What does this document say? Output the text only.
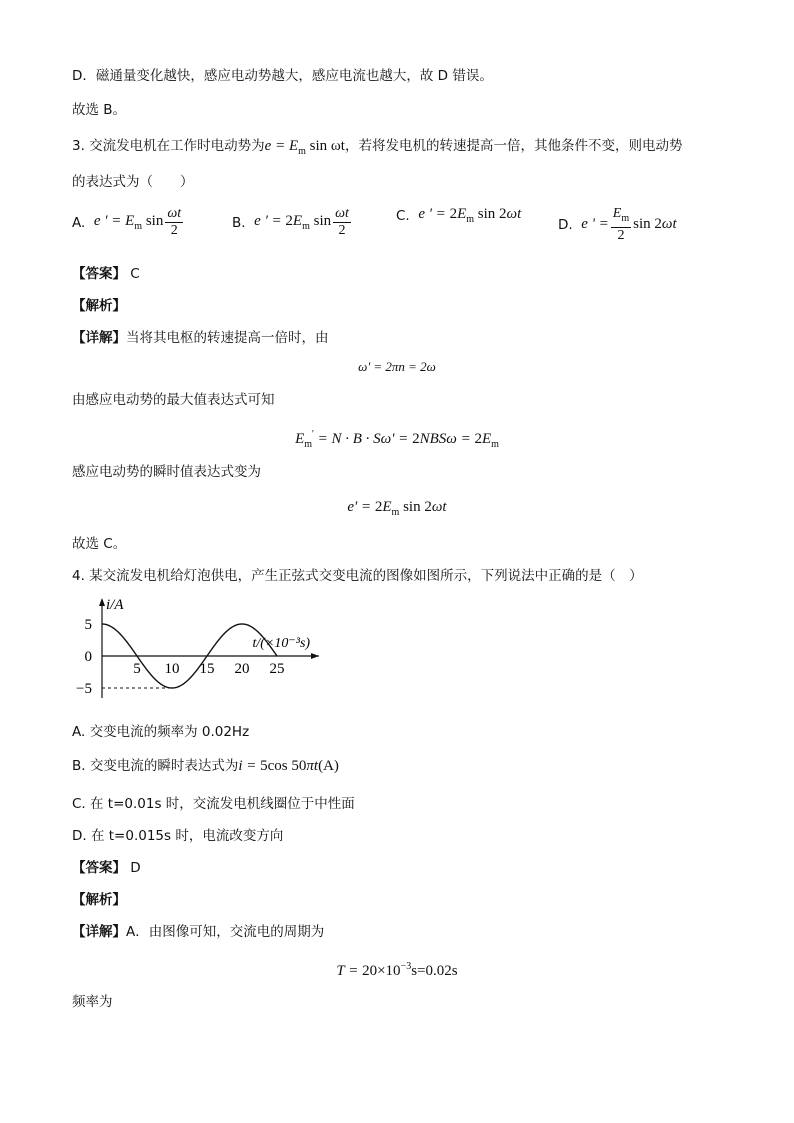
D．磁通量变化越快，感应电动势越大，感应电流也越大，故 D 错误。
故选 B。
3. 交流发电机在工作时电动势为$e = E_m$ sin ωt，若将发电机的转速提高一倍，其他条件不变，则电动势
的表达式为（　　）
A.
e ' = $E_m$ $\sin \frac{\omega t}{2}$	B.
e ' = $2E_m$ $\sin \frac{\omega t}{2}$	C.
e ' = $2E_m$ sin 2ωt
D.
e ' = $\frac{E_m}{2}$ sin 2ωt
【答案】 C
【解析】
【详解】当将其电枢的转速提高一倍时，由
ω' = 2πn = 2ω
由感应电动势的最大值表达式可知
$E_m' = N \cdot B \cdot S\omega' = 2NBS\omega = 2E_m$
感应电动势的瞬时值表达式变为
$e' = 2E_m$ sin 2ωt
故选 C。
4. 某交流发电机给灯泡供电，产生正弦式交变电流的图像如图所示，下列说法中正确的是（　）
5 10 15 20 25
5
0
−5
i/A
t/(×10⁻³s)
A. 交变电流的频率为 0.02Hz
B. 交变电流的瞬时表达式为i = 5cos 50πt(A)
C. 在 t=0.01s 时，交流发电机线圈位于中性面
D. 在 t=0.015s 时，电流改变方向
【答案】 D
【解析】
【详解】A．由图像可知，交流电的周期为
$T = 20\times 10^{-3}s=0.02s$
频率为
